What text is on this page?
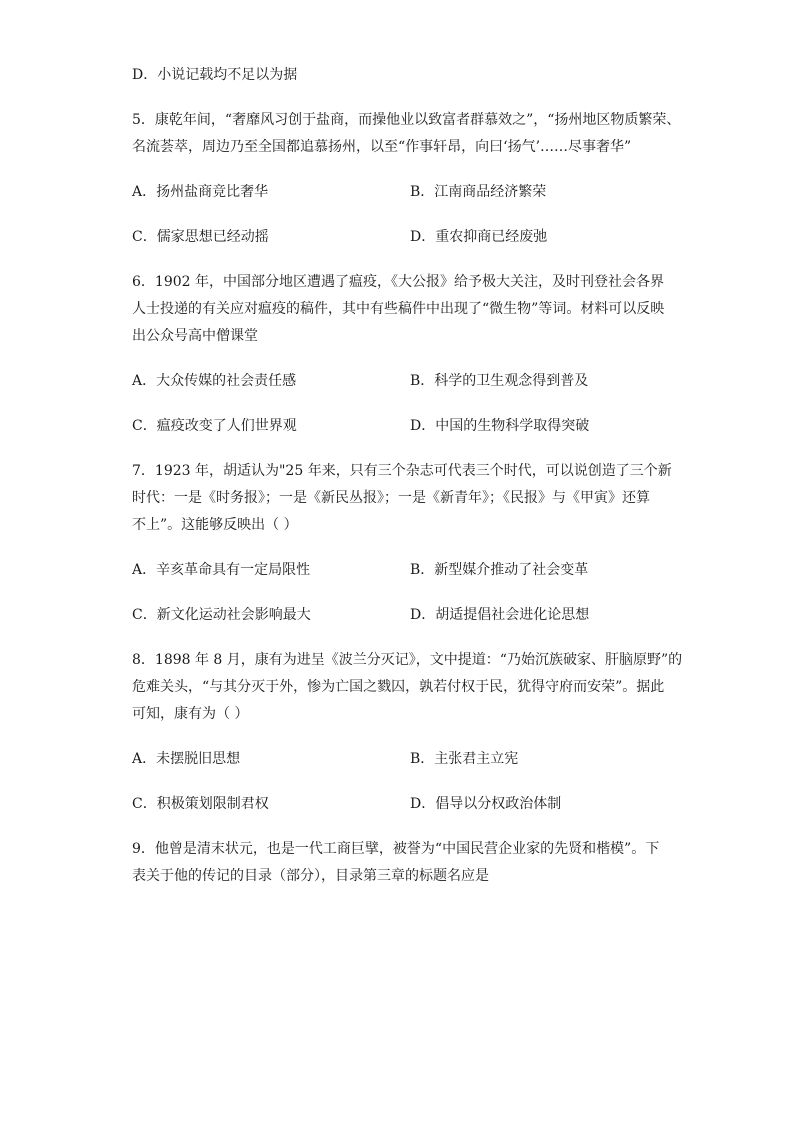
D．小说记载均不足以为据

5．康乾年间，“奢靡风习创于盐商，而操他业以致富者群慕效之”，“扬州地区物质繁荣、

名流荟萃，周边乃至全国都追慕扬州，以至“作事轩昂，向曰‘扬气’……尽事奢华”

A．扬州盐商竞比奢华	B．江南商品经济繁荣
C．儒家思想已经动摇	D．重农抑商已经废弛

6．1902 年，中国部分地区遭遇了瘟疫，《大公报》给予极大关注，及时刊登社会各界

人士投递的有关应对瘟疫的稿件，其中有些稿件中出现了“微生物”等词。材料可以反映

出公众号高中僧课堂

A．大众传媒的社会责任感	B．科学的卫生观念得到普及
C．瘟疫改变了人们世界观	D．中国的生物科学取得突破

7．1923 年，胡适认为"25 年来，只有三个杂志可代表三个时代，可以说创造了三个新

时代：一是《时务报》；一是《新民丛报》；一是《新青年》；《民报》与《甲寅》还算

不上”。这能够反映出（ ）

A．辛亥革命具有一定局限性	B．新型媒介推动了社会变革
C．新文化运动社会影响最大	D．胡适提倡社会进化论思想

8．1898 年 8 月，康有为进呈《波兰分灭记》，文中提道：“乃始沉族破家、肝脑原野”的

危难关头，“与其分灭于外，惨为亡国之戮囚，孰若付权于民，犹得守府而安荣”。据此

可知，康有为（ ）

A．未摆脱旧思想	B．主张君主立宪
C．积极策划限制君权	D．倡导以分权政治体制

9．他曾是清末状元，也是一代工商巨擘，被誉为“中国民营企业家的先贤和楷模”。下

表关于他的传记的目录（部分），目录第三章的标题名应是
